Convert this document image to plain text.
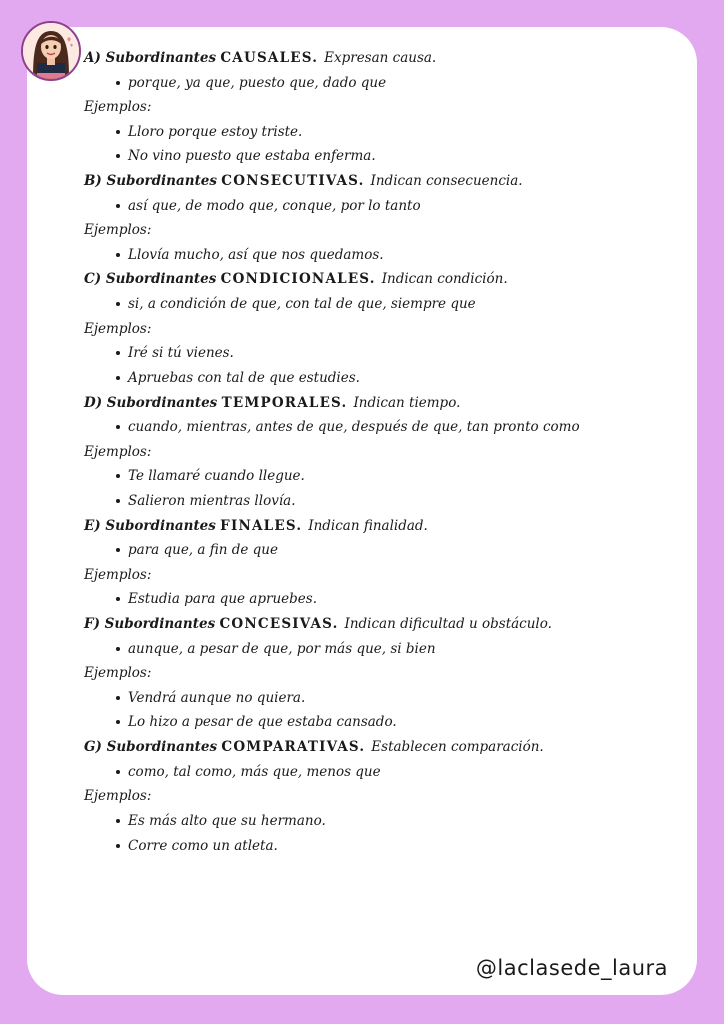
A) Subordinantes CAUSALES. Expresan causa.
porque, ya que, puesto que, dado que
Ejemplos:
Lloro porque estoy triste.
No vino puesto que estaba enferma.
B) Subordinantes CONSECUTIVAS. Indican consecuencia.
así que, de modo que, conque, por lo tanto
Ejemplos:
Llovía mucho, así que nos quedamos.
C) Subordinantes CONDICIONALES. Indican condición.
si, a condición de que, con tal de que, siempre que
Ejemplos:
Iré si tú vienes.
Apruebas con tal de que estudies.
D) Subordinantes TEMPORALES. Indican tiempo.
cuando, mientras, antes de que, después de que, tan pronto como
Ejemplos:
Te llamaré cuando llegue.
Salieron mientras llovía.
E) Subordinantes FINALES. Indican finalidad.
para que, a fin de que
Ejemplos:
Estudia para que apruebes.
F) Subordinantes CONCESIVAS. Indican dificultad u obstáculo.
aunque, a pesar de que, por más que, si bien
Ejemplos:
Vendrá aunque no quiera.
Lo hizo a pesar de que estaba cansado.
G) Subordinantes COMPARATIVAS. Establecen comparación.
como, tal como, más que, menos que
Ejemplos:
Es más alto que su hermano.
Corre como un atleta.
@laclasede_laura
